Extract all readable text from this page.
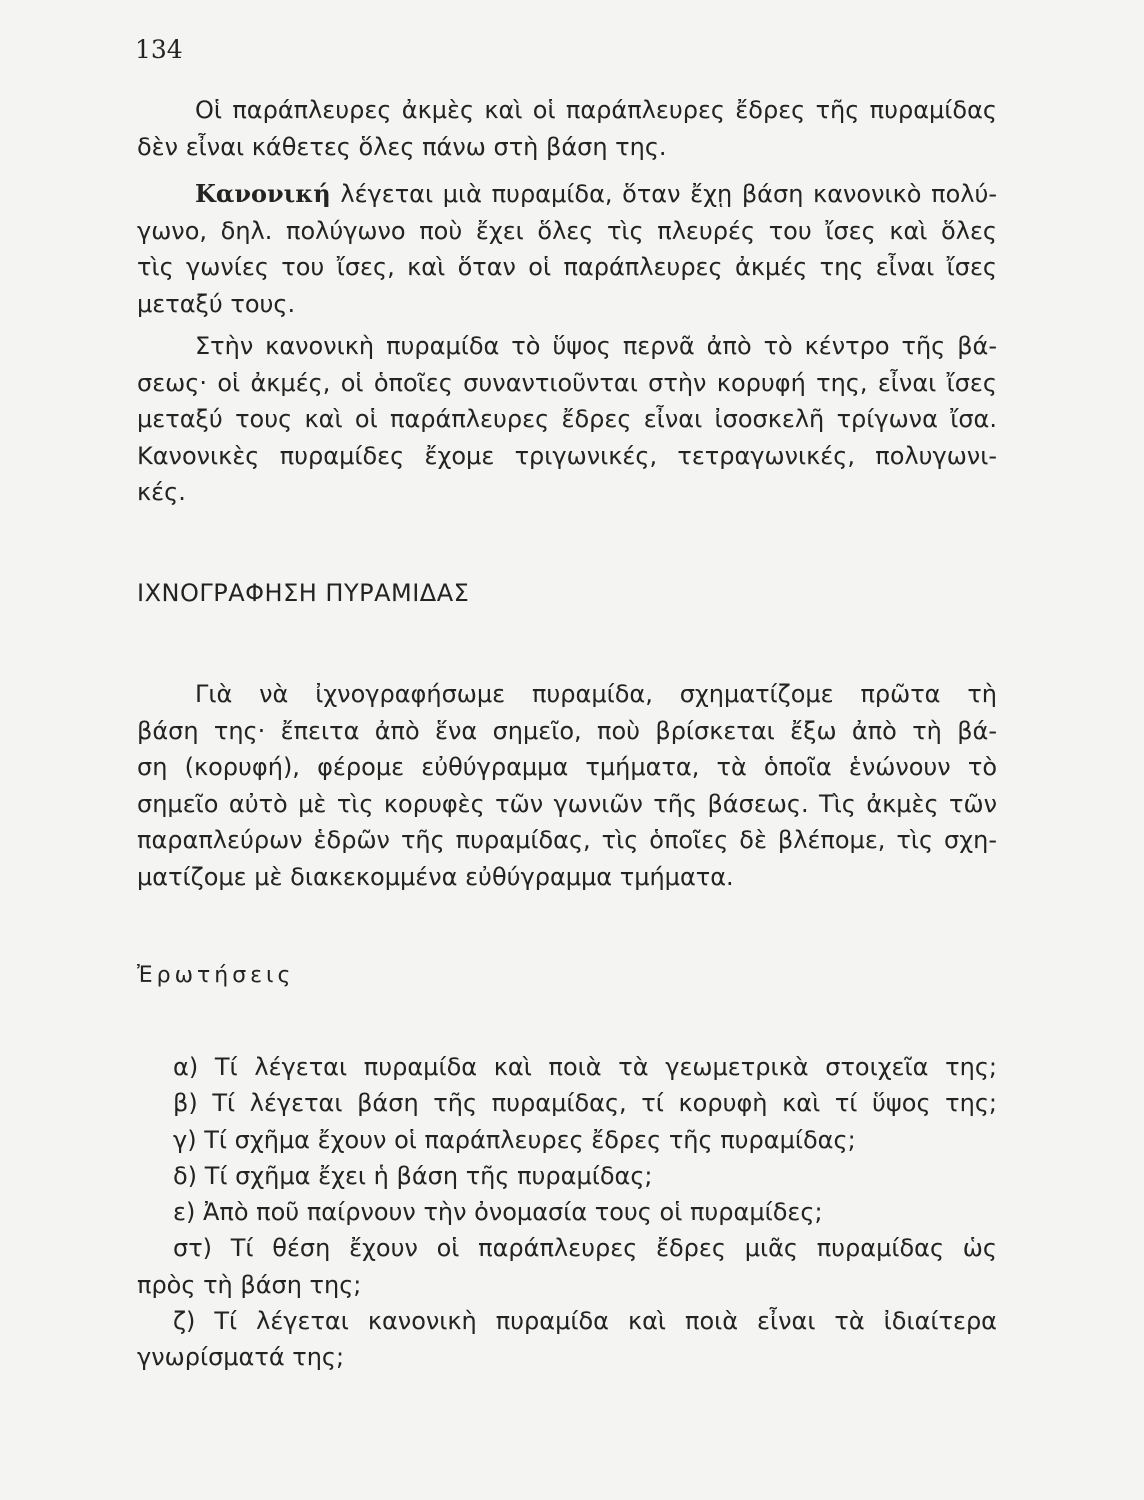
134
Οἱ παράπλευρες ἀκμὲς καὶ οἱ παράπλευρες ἔδρες τῆς πυραμίδας
δὲν εἶναι κάθετες ὅλες πάνω στὴ βάση της.
Κανονική λέγεται μιὰ πυραμίδα, ὅταν ἔχῃ βάση κανονικὸ πολύ-
γωνο, δηλ. πολύγωνο ποὺ ἔχει ὅλες τὶς πλευρές του ἴσες καὶ ὅλες
τὶς γωνίες του ἴσες, καὶ ὅταν οἱ παράπλευρες ἀκμές της εἶναι ἴσες
μεταξύ τους.
Στὴν κανονικὴ πυραμίδα τὸ ὕψος περνᾶ ἀπὸ τὸ κέντρο τῆς βά-
σεως· οἱ ἀκμές, οἱ ὁποῖες συναντιοῦνται στὴν κορυφή της, εἶναι ἴσες
μεταξύ τους καὶ οἱ παράπλευρες ἔδρες εἶναι ἰσοσκελῆ τρίγωνα ἴσα.
Κανονικὲς πυραμίδες ἔχομε τριγωνικές, τετραγωνικές, πολυγωνι-
κές.
ΙΧΝΟΓΡΑΦΗΣΗ ΠΥΡΑΜΙΔΑΣ
Γιὰ νὰ ἰχνογραφήσωμε πυραμίδα, σχηματίζομε πρῶτα τὴ
βάση της· ἔπειτα ἀπὸ ἕνα σημεῖο, ποὺ βρίσκεται ἔξω ἀπὸ τὴ βά-
ση (κορυφή), φέρομε εὐθύγραμμα τμήματα, τὰ ὁποῖα ἑνώνουν τὸ
σημεῖο αὐτὸ μὲ τὶς κορυφὲς τῶν γωνιῶν τῆς βάσεως. Τὶς ἀκμὲς τῶν
παραπλεύρων ἑδρῶν τῆς πυραμίδας, τὶς ὁποῖες δὲ βλέπομε, τὶς σχη-
ματίζομε μὲ διακεκομμένα εὐθύγραμμα τμήματα.
Ἐρωτήσεις
α) Τί λέγεται πυραμίδα καὶ ποιὰ τὰ γεωμετρικὰ στοιχεῖα της;
β) Τί λέγεται βάση τῆς πυραμίδας, τί κορυφὴ καὶ τί ὕψος της;
γ) Τί σχῆμα ἔχουν οἱ παράπλευρες ἔδρες τῆς πυραμίδας;
δ) Τί σχῆμα ἔχει ἡ βάση τῆς πυραμίδας;
ε) Ἀπὸ ποῦ παίρνουν τὴν ὀνομασία τους οἱ πυραμίδες;
στ) Τί θέση ἔχουν οἱ παράπλευρες ἔδρες μιᾶς πυραμίδας ὡς
πρὸς τὴ βάση της;
ζ) Τί λέγεται κανονικὴ πυραμίδα καὶ ποιὰ εἶναι τὰ ἰδιαίτερα
γνωρίσματά της;
